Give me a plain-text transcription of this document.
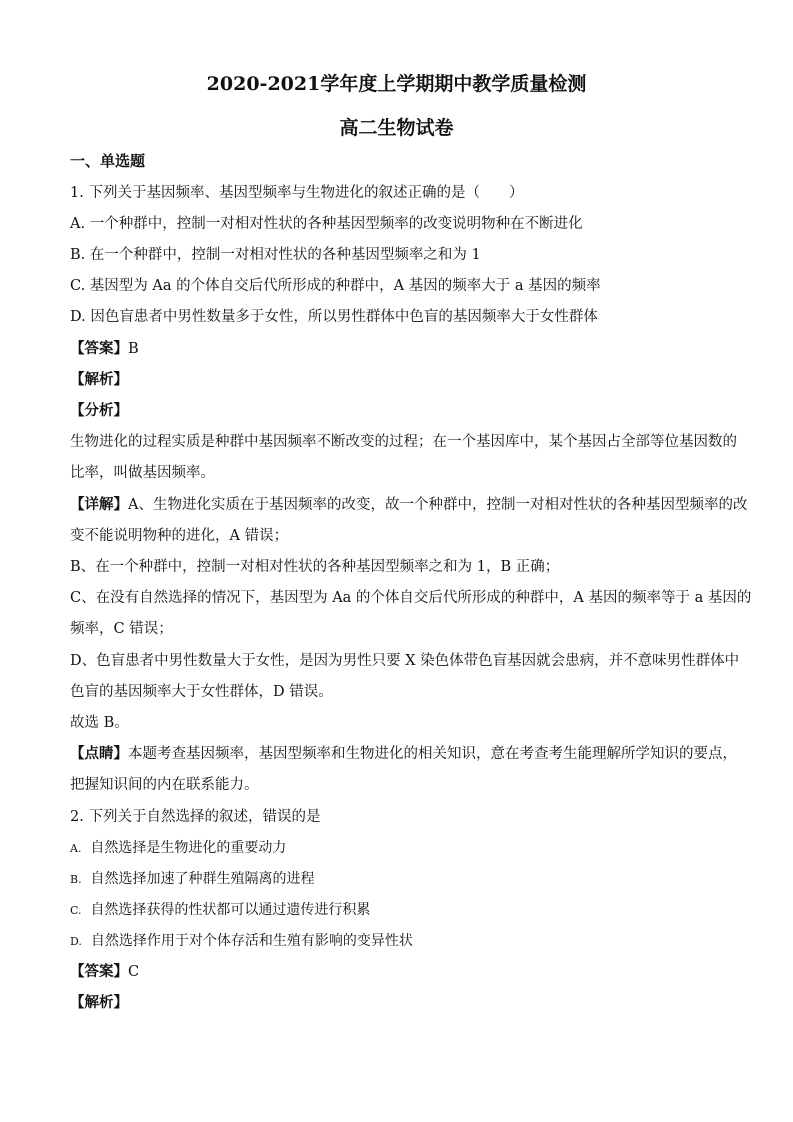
2020-2021学年度上学期期中教学质量检测
高二生物试卷
一、单选题
1. 下列关于基因频率、基因型频率与生物进化的叙述正确的是（　　）
A. 一个种群中，控制一对相对性状的各种基因型频率的改变说明物种在不断进化
B. 在一个种群中，控制一对相对性状的各种基因型频率之和为 1
C. 基因型为 Aa 的个体自交后代所形成的种群中，A 基因的频率大于 a 基因的频率
D. 因色盲患者中男性数量多于女性，所以男性群体中色盲的基因频率大于女性群体
【答案】B
【解析】
【分析】
生物进化的过程实质是种群中基因频率不断改变的过程；在一个基因库中，某个基因占全部等位基因数的
比率，叫做基因频率。
【详解】A、生物进化实质在于基因频率的改变，故一个种群中，控制一对相对性状的各种基因型频率的改
变不能说明物种的进化，A 错误；
B、在一个种群中，控制一对相对性状的各种基因型频率之和为 1，B 正确；
C、在没有自然选择的情况下，基因型为 Aa 的个体自交后代所形成的种群中，A 基因的频率等于 a 基因的
频率，C 错误；
D、色盲患者中男性数量大于女性，是因为男性只要 X 染色体带色盲基因就会患病，并不意味男性群体中
色盲的基因频率大于女性群体，D 错误。
故选 B。
【点睛】本题考查基因频率，基因型频率和生物进化的相关知识，意在考查考生能理解所学知识的要点，
把握知识间的内在联系能力。
2. 下列关于自然选择的叙述，错误的是
A. 自然选择是生物进化的重要动力
B. 自然选择加速了种群生殖隔离的进程
C. 自然选择获得的性状都可以通过遗传进行积累
D. 自然选择作用于对个体存活和生殖有影响的变异性状
【答案】C
【解析】
